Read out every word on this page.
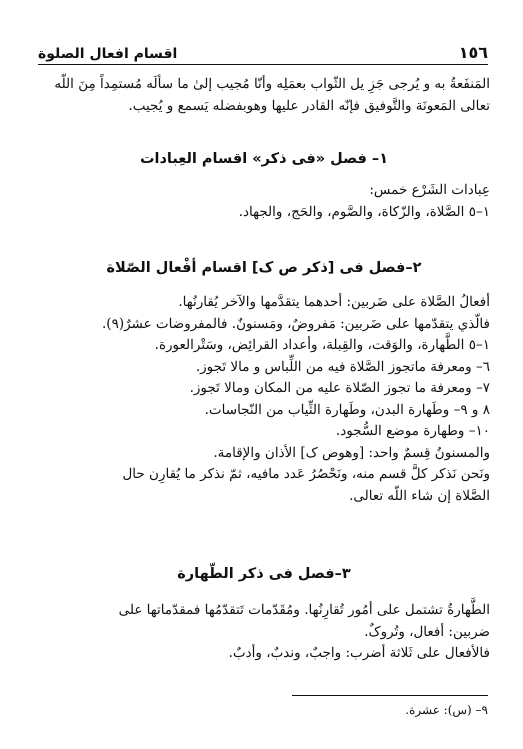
١٥٦
اقسام افعال الصلوة

المَنفَعةُ به و يُرجى جَزِ يل الثّواب بعمَلِه وأنّا مُجيب إلىٰ ما سألَه مُستمِداً مِنَ اللّه

تعالى المَعونَة والتَّوفيق فإنّه القادر عليها وهوبفضله يَسمع و يُجيب.

١– فصل «فى ذكر» اقسام العِبادات

عِبادات الشَرْع خمس:

١–٥ الصَّلاة، والزّكاة، والصَّوم، والحَج، والجهاد.

٢–فصل فى [ذكر ص ک] اقسام أفْعال الصّلاة

أفعالُ الصَّلاة على ضَربين: أحدهما يتقدَّمها والآخر يُقارنُها.

فالّذي يتقدّمها على ضَربين: مَفروضٌ، ومَسنونٌ. فالمفروضات عشرٌ(٩).

١–٥ الطَّهارة، والوَقت، والقِبلة، وأعداد القرائِض، وسَتْرالعورة.

٦– ومعرفة ماتجوز الصَّلاة فيه من اللِّباس و مالا تَجوز.

٧– ومعرفة ما تجوز الصّلاة عليه من المكان ومالا تَجوز.

٨ و ٩– وطَهارة البدن، وطَهارة الثِّياب من النّجاسات.

١٠– وطهارة موضع السُّجود.

والمسنونُ قِسمٌ واحد: [وهوص ک] الأذان والإقامة.

ونَحن نَذكر كلَّ قسم منه، ونَحْصُرُ عَدد مافيه، ثمّ نذكر ما يُقارِن حال

الصَّلاة إن شاء اللّه تعالى.

٣–فصل فى ذكر الطّهارة

الطَّهارةُ تشتمل على أمُور تُقارِنُها. ومُقَدّمات تَتقدّمُها فمقدّماتها على

ضربين: أفعال، وتُروکٌ.

فالأفعال على ثَلاثة أضرب: واجبٌ، وندبٌ، وأدبٌ.

٩– (س): عشرة.
